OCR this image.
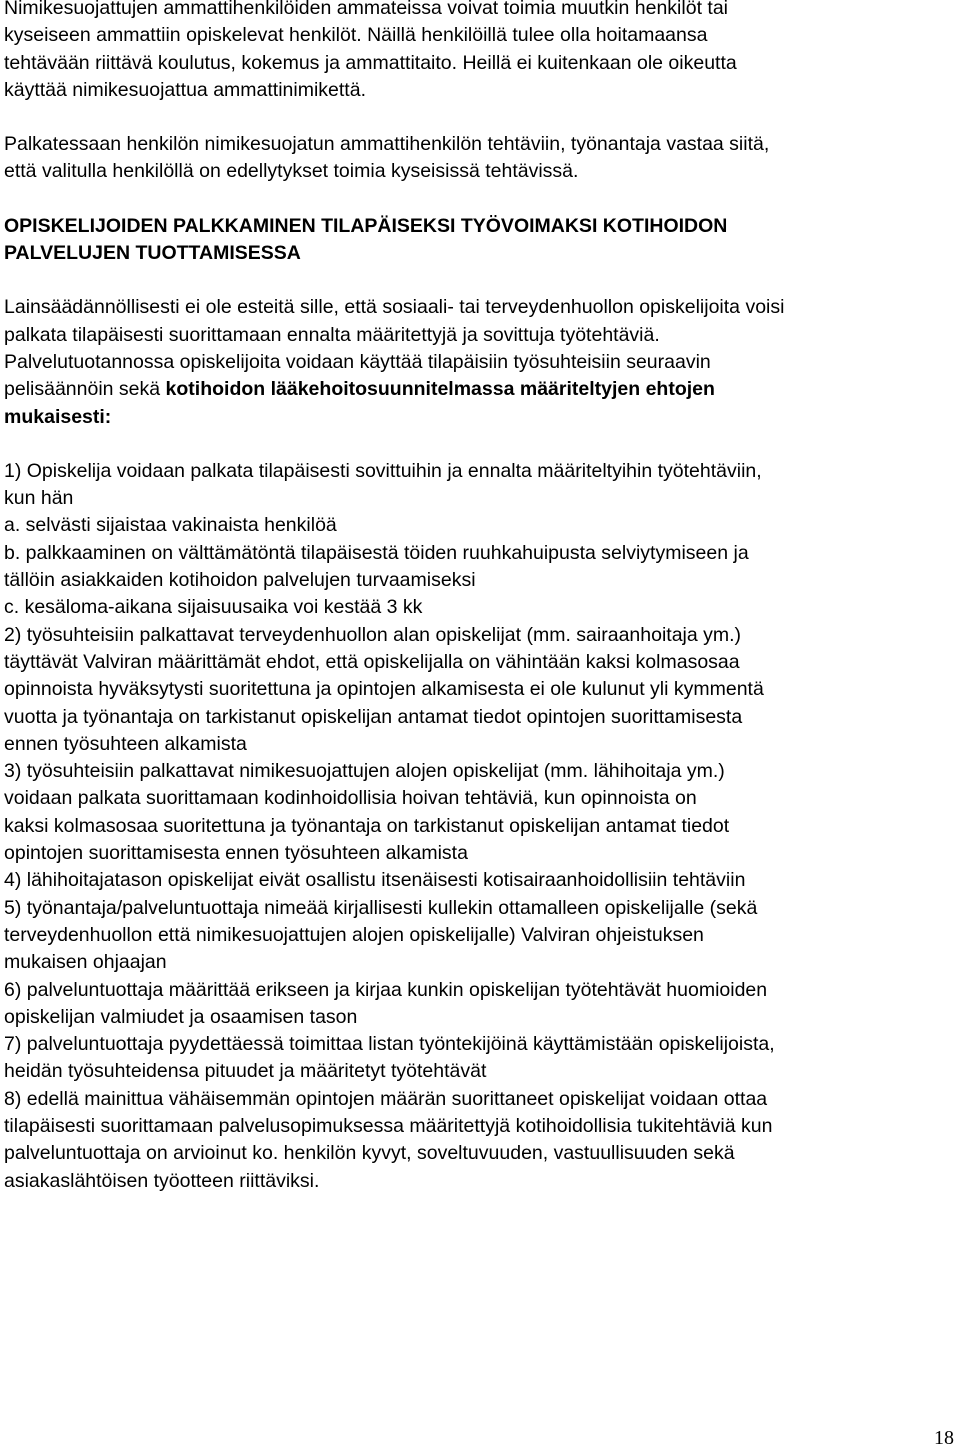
Nimikesuojattujen ammattihenkilöiden ammateissa voivat toimia muutkin henkilöt tai
kyseiseen ammattiin opiskelevat henkilöt. Näillä henkilöillä tulee olla hoitamaansa
tehtävään riittävä koulutus, kokemus ja ammattitaito. Heillä ei kuitenkaan ole oikeutta
käyttää nimikesuojattua ammattinimikettä.

Palkatessaan henkilön nimikesuojatun ammattihenkilön tehtäviin, työnantaja vastaa siitä,
että valitulla henkilöllä on edellytykset toimia kyseisissä tehtävissä.

OPISKELIJOIDEN PALKKAMINEN TILAPÄISEKSI TYÖVOIMAKSI KOTIHOIDON
PALVELUJEN TUOTTAMISESSA

Lainsäädännöllisesti ei ole esteitä sille, että sosiaali- tai terveydenhuollon opiskelijoita voisi
palkata tilapäisesti suorittamaan ennalta määritettyjä ja sovittuja työtehtäviä.
Palvelutuotannossa opiskelijoita voidaan käyttää tilapäisiin työsuhteisiin seuraavin
pelisäännöin sekä kotihoidon lääkehoitosuunnitelmassa määriteltyjen ehtojen
mukaisesti:

1) Opiskelija voidaan palkata tilapäisesti sovittuihin ja ennalta määriteltyihin työtehtäviin,
kun hän
a. selvästi sijaistaa vakinaista henkilöä
b. palkkaaminen on välttämätöntä tilapäisestä töiden ruuhkahuipusta selviytymiseen ja
tällöin asiakkaiden kotihoidon palvelujen turvaamiseksi
c. kesäloma-aikana sijaisuusaika voi kestää 3 kk
2) työsuhteisiin palkattavat terveydenhuollon alan opiskelijat (mm. sairaanhoitaja ym.)
täyttävät Valviran määrittämät ehdot, että opiskelijalla on vähintään kaksi kolmasosaa
opinnoista hyväksytysti suoritettuna ja opintojen alkamisesta ei ole kulunut yli kymmentä
vuotta ja työnantaja on tarkistanut opiskelijan antamat tiedot opintojen suorittamisesta
ennen työsuhteen alkamista
3) työsuhteisiin palkattavat nimikesuojattujen alojen opiskelijat (mm. lähihoitaja ym.)
voidaan palkata suorittamaan kodinhoidollisia hoivan tehtäviä, kun opinnoista on
kaksi kolmasosaa suoritettuna ja työnantaja on tarkistanut opiskelijan antamat tiedot
opintojen suorittamisesta ennen työsuhteen alkamista
4) lähihoitajatason opiskelijat eivät osallistu itsenäisesti kotisairaanhoidollisiin tehtäviin
5) työnantaja/palveluntuottaja nimeää kirjallisesti kullekin ottamalleen opiskelijalle (sekä
terveydenhuollon että nimikesuojattujen alojen opiskelijalle) Valviran ohjeistuksen
mukaisen ohjaajan
6) palveluntuottaja määrittää erikseen ja kirjaa kunkin opiskelijan työtehtävät huomioiden
opiskelijan valmiudet ja osaamisen tason
7) palveluntuottaja pyydettäessä toimittaa listan työntekijöinä käyttämistään opiskelijoista,
heidän työsuhteidensa pituudet ja määritetyt työtehtävät
8) edellä mainittua vähäisemmän opintojen määrän suorittaneet opiskelijat voidaan ottaa
tilapäisesti suorittamaan palvelusopimuksessa määritettyjä kotihoidollisia tukitehtäviä kun
palveluntuottaja on arvioinut ko. henkilön kyvyt, soveltuvuuden, vastuullisuuden sekä
asiakaslähtöisen työotteen riittäviksi.

18
